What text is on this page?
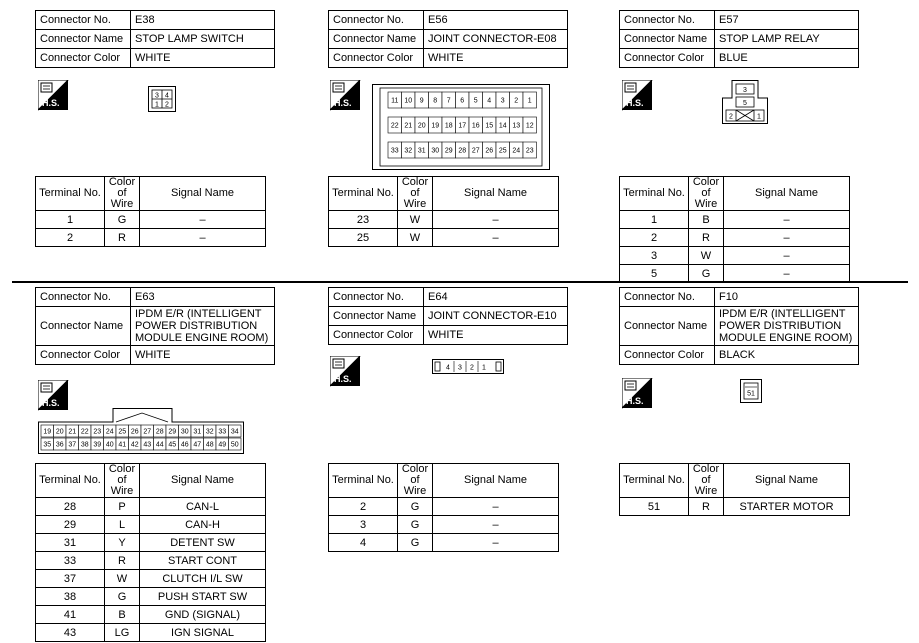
Connector No.	E38
Connector Name	STOP LAMP SWITCH
Connector Color	WHITE
H.S.
3 4
1 2
Terminal No.	Color of
Wire	Signal Name
1	G	–
2	R	–
Connector No.	E56
Connector Name	JOINT CONNECTOR-E08
Connector Color	WHITE
H.S.	11 10 9 8 7 6 5 4 3 2 1
22 21 20 19 18 17 16 15 14 13 12
33 32 31 30 29 28 27 26 25 24 23
Terminal No.	Color of
Wire	Signal Name
23	W	–
25	W	–
Connector No.	E57
Connector Name	STOP LAMP RELAY
Connector Color	BLUE
H.S.
3
5
2	1
Terminal No.	Color of
Wire	Signal Name
1	B	–
2	R	–
3	W	–
5	G	–
Connector No.	E63
Connector Name	IPDM E/R (INTELLIGENT
POWER DISTRIBUTION
MODULE ENGINE ROOM)
Connector Color	WHITE
H.S.
19 20 21 22 23 24 25 26 27 28 29 30 31 32 33 34
35 36 37 38 39 40 41 42 43 44 45 46 47 48 49 50
Terminal No.	Color of
Wire	Signal Name
28	P	CAN-L
29	L	CAN-H
31	Y	DETENT SW
33	R	START CONT
37	W	CLUTCH I/L SW
38	G	PUSH START SW
41	B	GND (SIGNAL)
43	LG	IGN SIGNAL
Connector No.	E64
Connector Name	JOINT CONNECTOR-E10
Connector Color	WHITE
H.S.
4 3 2 1
Terminal No.	Color of
Wire	Signal Name
2	G	–
3	G	–
4	G	–
Connector No.	F10
Connector Name	IPDM E/R (INTELLIGENT
POWER DISTRIBUTION
MODULE ENGINE ROOM)
Connector Color	BLACK
H.S.
51
Terminal No.	Color of
Wire	Signal Name
51	R	STARTER MOTOR
